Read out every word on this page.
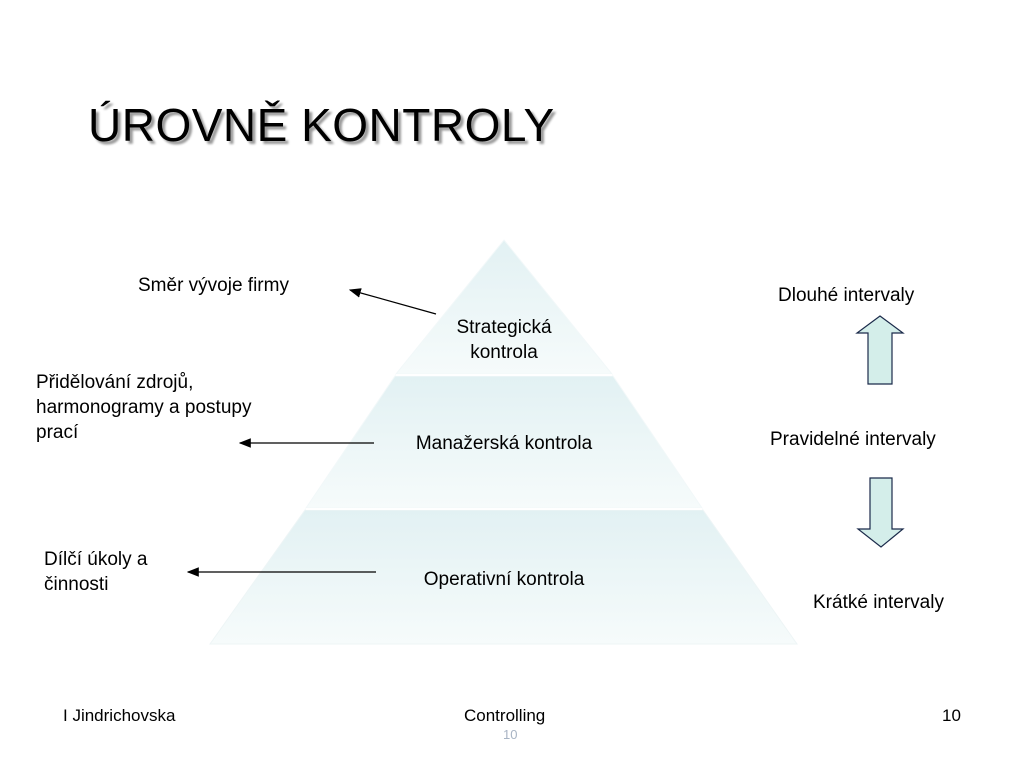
ÚROVNĚ KONTROLY
Strategická
kontrola
Manažerská kontrola
Operativní kontrola
Směr vývoje firmy
Přidělování zdrojů,
harmonogramy a postupy
prací
Dílčí úkoly a
činnosti
Dlouhé intervaly
Pravidelné intervaly
Krátké intervaly
I Jindrichovska	Controlling	10
10
